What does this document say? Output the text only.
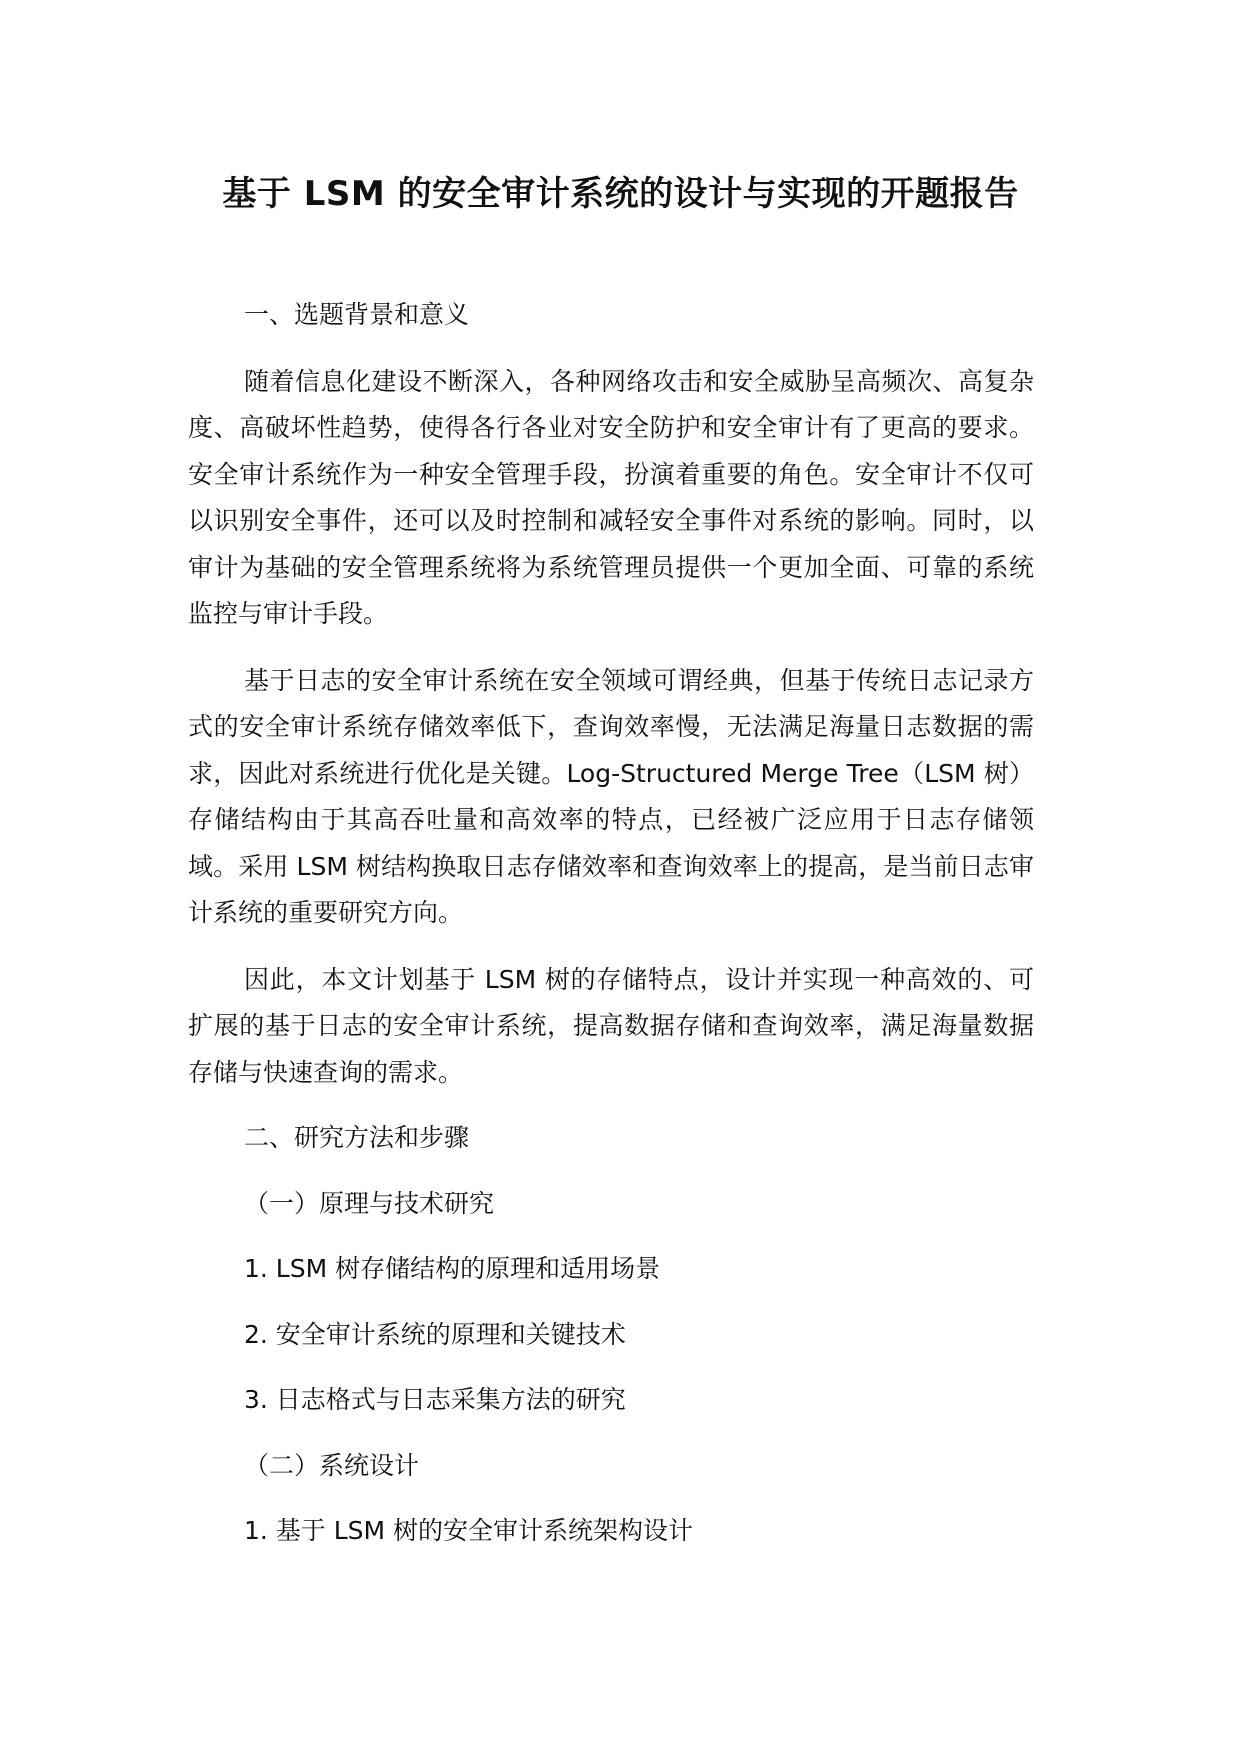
基于 LSM 的安全审计系统的设计与实现的开题报告

一、选题背景和意义

随着信息化建设不断深入，各种网络攻击和安全威胁呈高频次、高复杂度、高破坏性趋势，使得各行各业对安全防护和安全审计有了更高的要求。安全审计系统作为一种安全管理手段，扮演着重要的角色。安全审计不仅可以识别安全事件，还可以及时控制和减轻安全事件对系统的影响。同时，以审计为基础的安全管理系统将为系统管理员提供一个更加全面、可靠的系统监控与审计手段。

基于日志的安全审计系统在安全领域可谓经典，但基于传统日志记录方式的安全审计系统存储效率低下，查询效率慢，无法满足海量日志数据的需求，因此对系统进行优化是关键。Log-Structured Merge Tree（LSM 树）存储结构由于其高吞吐量和高效率的特点，已经被广泛应用于日志存储领域。采用 LSM 树结构换取日志存储效率和查询效率上的提高，是当前日志审计系统的重要研究方向。

因此，本文计划基于 LSM 树的存储特点，设计并实现一种高效的、可扩展的基于日志的安全审计系统，提高数据存储和查询效率，满足海量数据存储与快速查询的需求。

二、研究方法和步骤

（一）原理与技术研究

1. LSM 树存储结构的原理和适用场景

2. 安全审计系统的原理和关键技术

3. 日志格式与日志采集方法的研究

（二）系统设计

1. 基于 LSM 树的安全审计系统架构设计
